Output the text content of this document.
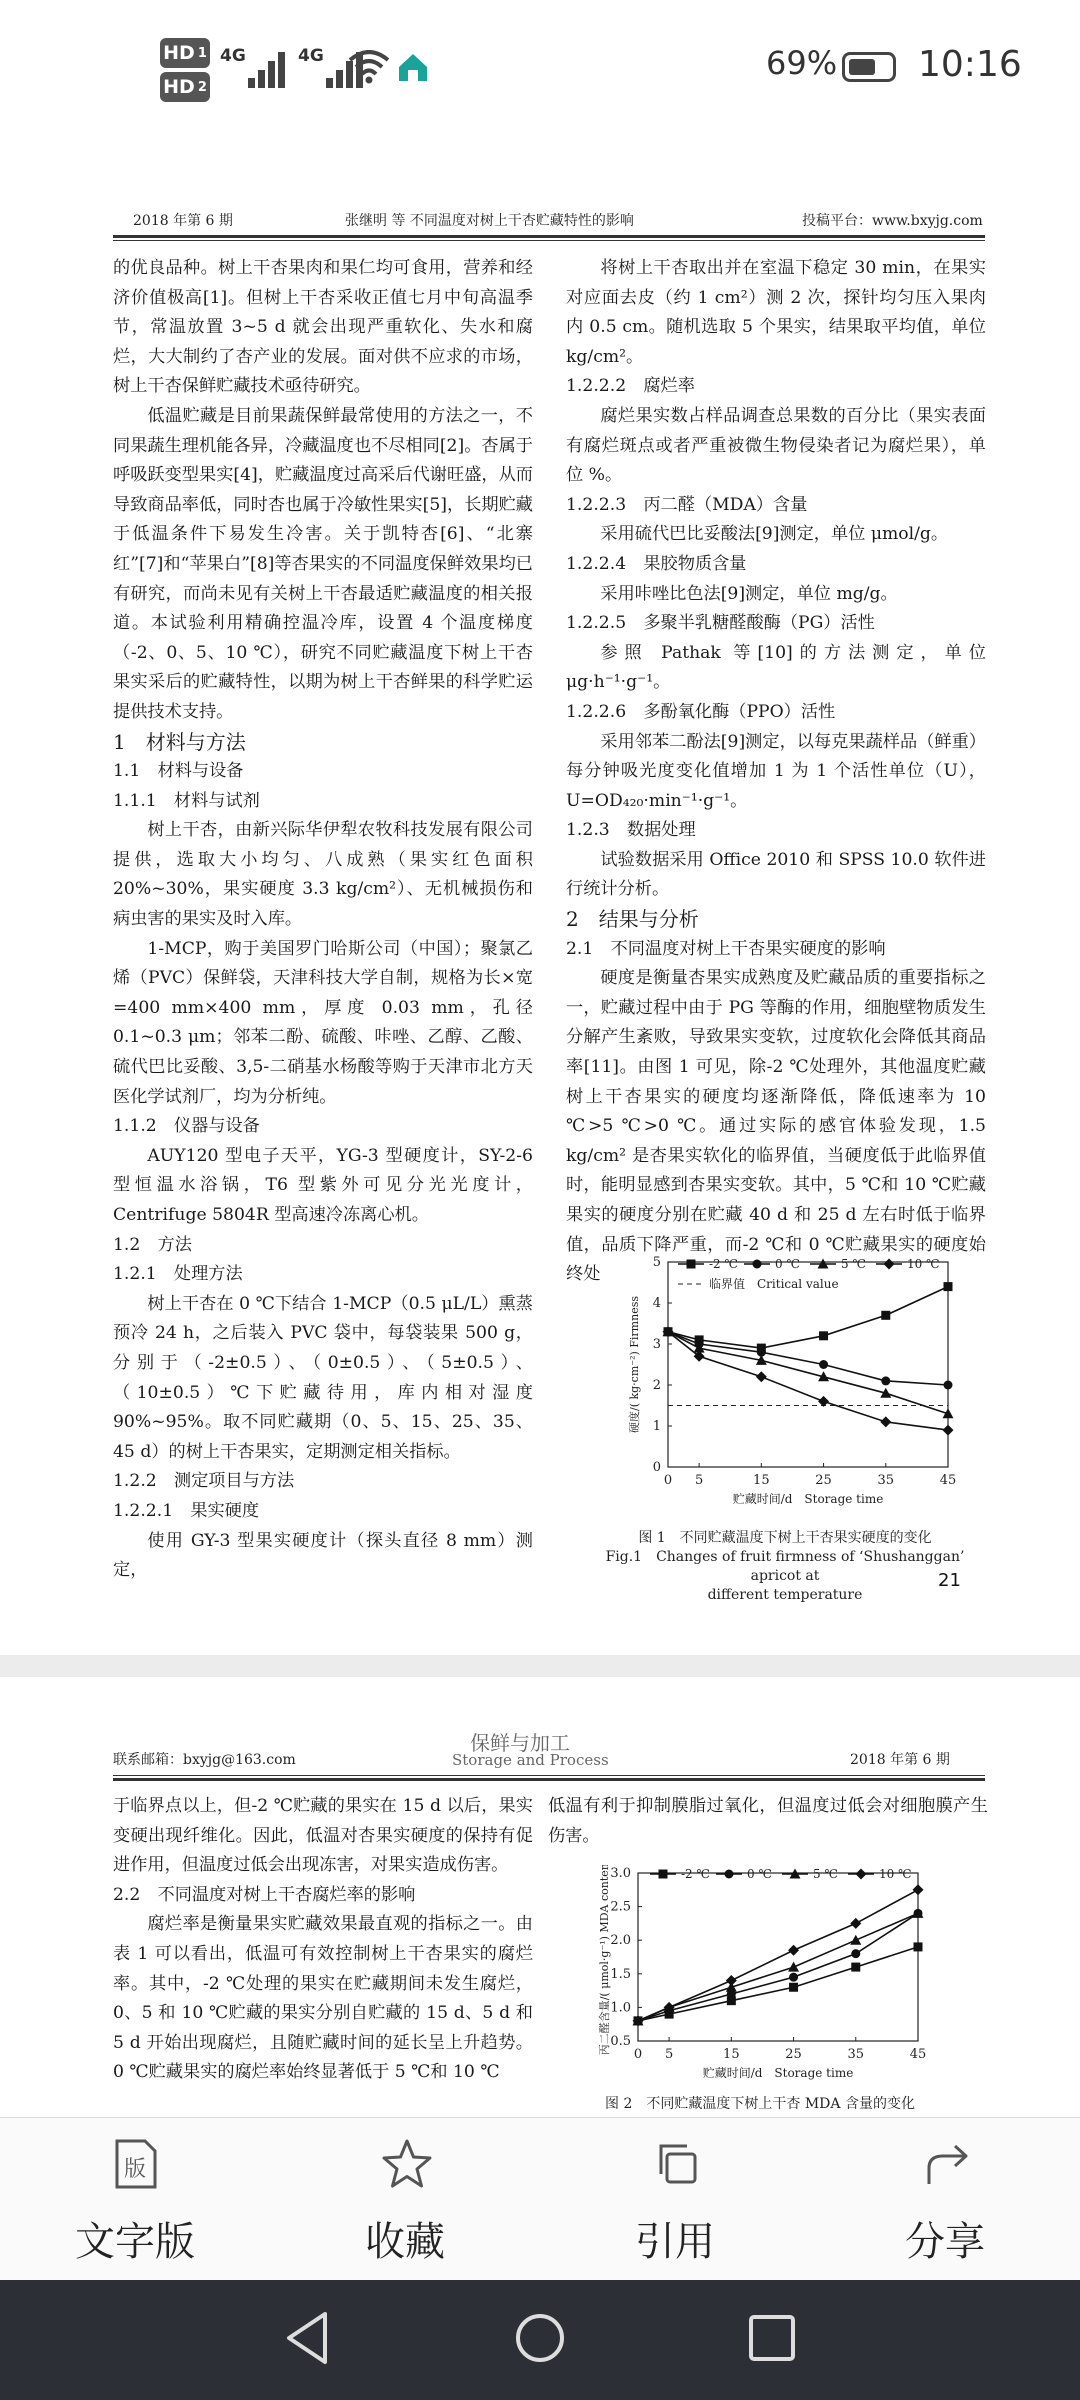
HD 1
HD 2
4G	4G	69% 10:16
2018 年第 6 期	张继明 等 不同温度对树上干杏贮藏特性的影响	投稿平台：www.bxyjg.com

的优良品种。树上干杏果肉和果仁均可食用，营养和经济价值极高[1]。但树上干杏采收正值七月中旬高温季节，常温放置 3~5 d 就会出现严重软化、失水和腐烂，大大制约了杏产业的发展。面对供不应求的市场，树上干杏保鲜贮藏技术亟待研究。

低温贮藏是目前果蔬保鲜最常使用的方法之一，不同果蔬生理机能各异，冷藏温度也不尽相同[2]。杏属于呼吸跃变型果实[4]，贮藏温度过高采后代谢旺盛，从而导致商品率低，同时杏也属于冷敏性果实[5]，长期贮藏于低温条件下易发生冷害。关于凯特杏[6]、“北寨红”[7]和“苹果白”[8]等杏果实的不同温度保鲜效果均已有研究，而尚未见有关树上干杏最适贮藏温度的相关报道。本试验利用精确控温冷库，设置 4 个温度梯度（-2、0、5、10 ℃），研究不同贮藏温度下树上干杏果实采后的贮藏特性，以期为树上干杏鲜果的科学贮运提供技术支持。

1　材料与方法

1.1　材料与设备

1.1.1　材料与试剂

树上干杏，由新兴际华伊犁农牧科技发展有限公司提供，选取大小均匀、八成熟（果实红色面积 20%~30%，果实硬度 3.3 kg/cm²）、无机械损伤和病虫害的果实及时入库。

1-MCP，购于美国罗门哈斯公司（中国）；聚氯乙烯（PVC）保鲜袋，天津科技大学自制，规格为长×宽=400 mm×400 mm，厚度 0.03 mm，孔径 0.1~0.3 μm；邻苯二酚、硫酸、咔唑、乙醇、乙酸、硫代巴比妥酸、3,5-二硝基水杨酸等购于天津市北方天医化学试剂厂，均为分析纯。

1.1.2　仪器与设备

AUY120 型电子天平，YG-3 型硬度计，SY-2-6 型恒温水浴锅，T6 型紫外可见分光光度计，Centrifuge 5804R 型高速冷冻离心机。

1.2　方法

1.2.1　处理方法

树上干杏在 0 ℃下结合 1-MCP（0.5 μL/L）熏蒸预冷 24 h，之后装入 PVC 袋中，每袋装果 500 g，分别于（-2±0.5）、（0±0.5）、（5±0.5）、（10±0.5）℃下贮藏待用，库内相对湿度 90%~95%。取不同贮藏期（0、5、15、25、35、45 d）的树上干杏果实，定期测定相关指标。

1.2.2　测定项目与方法

1.2.2.1　果实硬度

使用 GY-3 型果实硬度计（探头直径 8 mm）测定，

将树上干杏取出并在室温下稳定 30 min，在果实对应面去皮（约 1 cm²）测 2 次，探针均匀压入果肉内 0.5 cm。随机选取 5 个果实，结果取平均值，单位 kg/cm²。

1.2.2.2　腐烂率

腐烂果实数占样品调查总果数的百分比（果实表面有腐烂斑点或者严重被微生物侵染者记为腐烂果），单位 %。

1.2.2.3　丙二醛（MDA）含量

采用硫代巴比妥酸法[9]测定，单位 μmol/g。

1.2.2.4　果胶物质含量

采用咔唑比色法[9]测定，单位 mg/g。

1.2.2.5　多聚半乳糖醛酸酶（PG）活性

参照 Pathak 等[10]的方法测定，单位 μg·h⁻¹·g⁻¹。

1.2.2.6　多酚氧化酶（PPO）活性

采用邻苯二酚法[9]测定，以每克果蔬样品（鲜重）每分钟吸光度变化值增加 1 为 1 个活性单位（U），U=OD₄₂₀·min⁻¹·g⁻¹。

1.2.3　数据处理

试验数据采用 Office 2010 和 SPSS 10.0 软件进行统计分析。

2　结果与分析

2.1　不同温度对树上干杏果实硬度的影响

硬度是衡量杏果实成熟度及贮藏品质的重要指标之一，贮藏过程中由于 PG 等酶的作用，细胞壁物质发生分解产生紊败，导致果实变软，过度软化会降低其商品率[11]。由图 1 可见，除-2 ℃处理外，其他温度贮藏树上干杏果实的硬度均逐渐降低，降低速率为 10 ℃>5 ℃>0 ℃。通过实际的感官体验发现，1.5 kg/cm² 是杏果实软化的临界值，当硬度低于此临界值时，能明显感到杏果实变软。其中，5 ℃和 10 ℃贮藏果实的硬度分别在贮藏 40 d 和 25 d 左右时低于临界值，品质下降严重，而-2 ℃和 0 ℃贮藏果实的硬度始终处

0
1
2
3
4
5
0 5	15	25	35	45
贮藏时间/d　Storage time
硬度/( kg·cm⁻²) Firmness
-2 ℃	0 ℃	5 ℃	10 ℃
临界值　Critical value
图 1　不同贮藏温度下树上干杏果实硬度的变化
Fig.1　Changes of fruit firmness of ‘Shushanggan’ apricot at
different temperature
21
联系邮箱：bxyjg@163.com
保鲜与加工
Storage and Process	2018 年第 6 期

于临界点以上，但-2 ℃贮藏的果实在 15 d 以后，果实变硬出现纤维化。因此，低温对杏果实硬度的保持有促进作用，但温度过低会出现冻害，对果实造成伤害。

2.2　不同温度对树上干杏腐烂率的影响

腐烂率是衡量果实贮藏效果最直观的指标之一。由表 1 可以看出，低温可有效控制树上干杏果实的腐烂率。其中，-2 ℃处理的果实在贮藏期间未发生腐烂，0、5 和 10 ℃贮藏的果实分别自贮藏的 15 d、5 d 和 5 d 开始出现腐烂，且随贮藏时间的延长呈上升趋势。0 ℃贮藏果实的腐烂率始终显著低于 5 ℃和 10 ℃

低温有利于抑制膜脂过氧化，但温度过低会对细胞膜产生伤害。

0.5
1.0
1.5
2.0
2.5
3.0
0 5	15	25	35	45
贮藏时间/d　Storage time
丙二醛含量/( μmol·g⁻¹) MDA content	-2 ℃	0 ℃	5 ℃	10 ℃
图 2　不同贮藏温度下树上干杏 MDA 含量的变化
版
文字版	收藏	引用	分享
